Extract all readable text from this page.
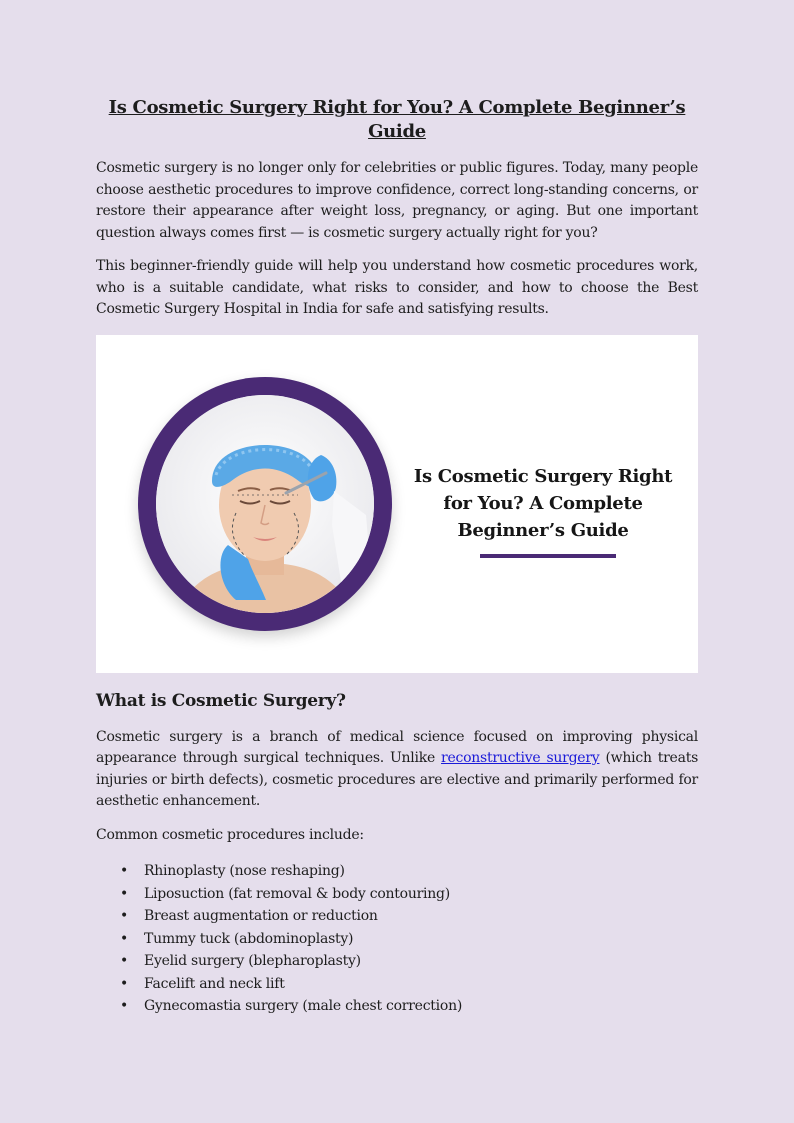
Is Cosmetic Surgery Right for You? A Complete Beginner’s Guide

Cosmetic surgery is no longer only for celebrities or public figures. Today, many people choose aesthetic procedures to improve confidence, correct long-standing concerns, or restore their appearance after weight loss, pregnancy, or aging. But one important question always comes first — is cosmetic surgery actually right for you?

This beginner-friendly guide will help you understand how cosmetic procedures work, who is a suitable candidate, what risks to consider, and how to choose the Best Cosmetic Surgery Hospital in India for safe and satisfying results.

Is Cosmetic Surgery Right
for You? A Complete
Beginner’s Guide
What is Cosmetic Surgery?

Cosmetic surgery is a branch of medical science focused on improving physical appearance through surgical techniques. Unlike reconstructive surgery (which treats injuries or birth defects), cosmetic procedures are elective and primarily performed for aesthetic enhancement.

Common cosmetic procedures include:

• Rhinoplasty (nose reshaping)
• Liposuction (fat removal & body contouring)
• Breast augmentation or reduction
• Tummy tuck (abdominoplasty)
• Eyelid surgery (blepharoplasty)
• Facelift and neck lift
• Gynecomastia surgery (male chest correction)
